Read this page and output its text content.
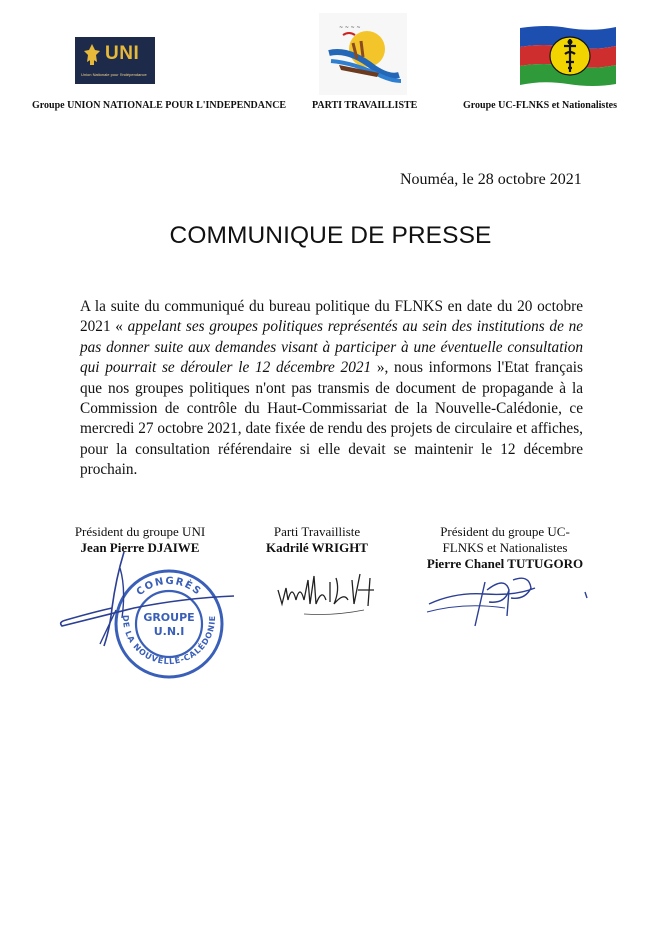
UNI
Union Nationale pour l'Indépendance
~ ~ ~ ~
Groupe UNION NATIONALE POUR L'INDEPENDANCE	PARTI TRAVAILLISTE	Groupe UC-FLNKS et Nationalistes
Nouméa, le 28 octobre 2021
COMMUNIQUE DE PRESSE
A la suite du communiqué du bureau politique du FLNKS en date du 20 octobre 2021 « appelant ses groupes politiques représentés au sein des institutions de ne pas donner suite aux demandes visant à participer à une éventuelle consultation qui pourrait se dérouler le 12 décembre 2021 », nous informons l'Etat français que nos groupes politiques n'ont pas transmis de document de propagande à la Commission de contrôle du Haut-Commissariat de la Nouvelle-Calédonie, ce mercredi 27 octobre 2021, date fixée de rendu des projets de circulaire et affiches, pour la consultation référendaire si elle devait se maintenir le 12 décembre prochain.
Président du groupe UNI
Jean Pierre DJAIWE
Parti Travailliste
Kadrilé WRIGHT
Président du groupe UC-
FLNKS et Nationalistes
Pierre Chanel TUTUGORO
CONGRÈS
DE LA NOUVELLE-CALÉDONIE
GROUPE
U.N.I
